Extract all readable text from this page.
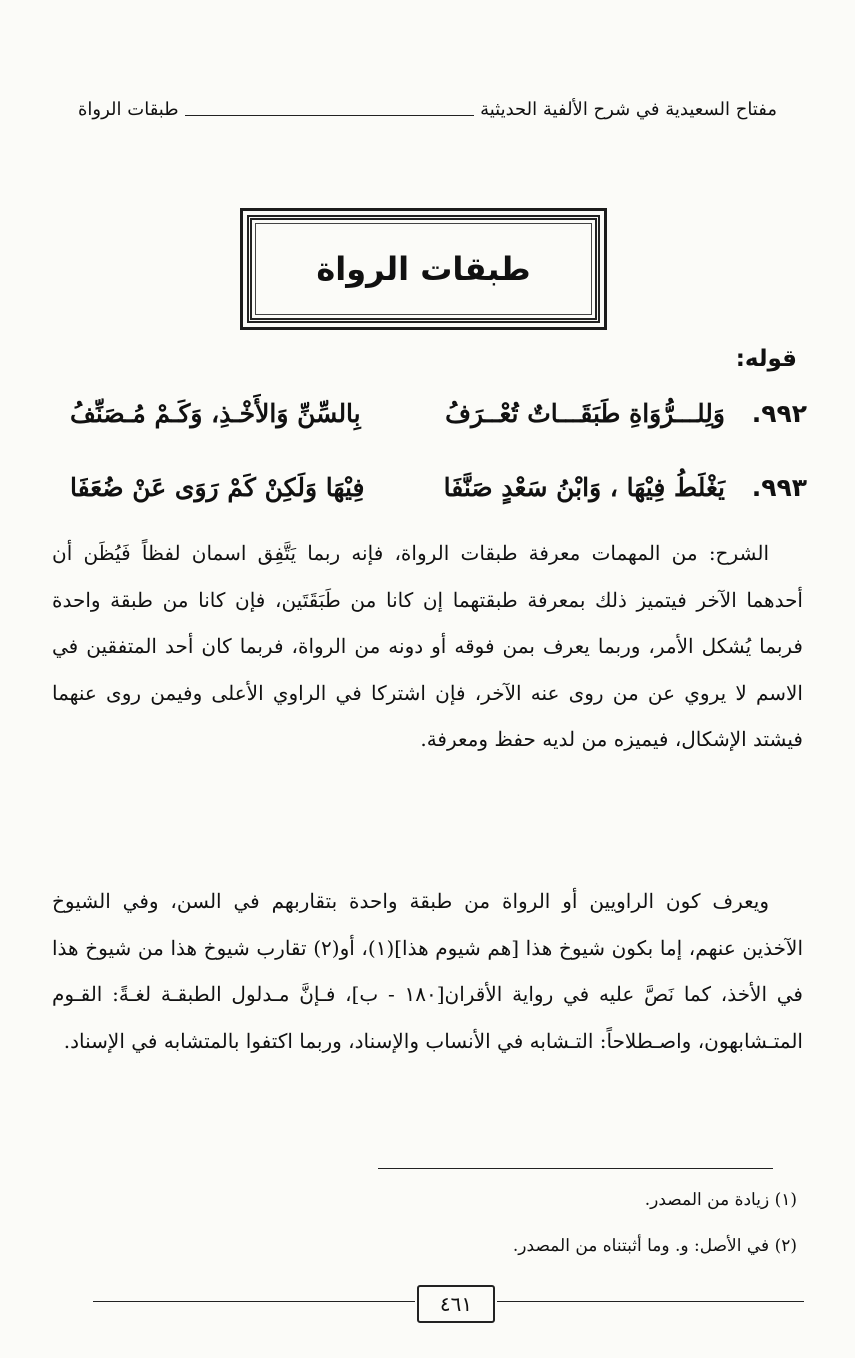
مفتاح السعيدية في شرح الألفية الحديثية
طبقات الرواة
طبقات الرواة
قوله:
٩٩٢.
وَلِلـــرُّوَاةِ طَبَقَـــاتٌ تُعْــرَفُ
بِالسِّنِّ وَالأَخْـذِ، وَكَـمْ مُـصَنِّفُ
٩٩٣.
يَغْلَطُ فِيْهَا ، وَابْنُ سَعْدٍ صَنَّفَا
فِيْهَا وَلَكِنْ كَمْ رَوَى عَنْ ضُعَفَا

الشرح: من المهمات معرفة طبقات الرواة، فإنه ربما يَتَّفِق اسمان لفظاً فَيُظَن أن أحدهما الآخر فيتميز ذلك بمعرفة طبقتهما إن كانا من طَبَقَتَين، فإن كانا من طبقة واحدة فربما يُشكل الأمر، وربما يعرف بمن فوقه أو دونه من الرواة، فربما كان أحد المتفقين في الاسم لا يروي عن من روى عنه الآخر، فإن اشتركا في الراوي الأعلى وفيمن روى عنهما فيشتد الإشكال، فيميزه من لديه حفظ ومعرفة.

ويعرف كون الراويين أو الرواة من طبقة واحدة بتقاربهم في السن، وفي الشيوخ الآخذين عنهم، إما بكون شيوخ هذا [هم شيوم هذا](١)، أو(٢) تقارب شيوخ هذا من شيوخ هذا في الأخذ، كما نَصَّ عليه في رواية الأقران[١٨٠ - ب]، فـإنَّ مـدلول الطبقـة لغـةً: القـوم المتـشابهون، واصـطلاحاً: التـشابه في الأنساب والإسناد، وربما اكتفوا بالمتشابه في الإسناد.

(١) زيادة من المصدر.
(٢) في الأصل: و. وما أثبتناه من المصدر.
٤٦١
